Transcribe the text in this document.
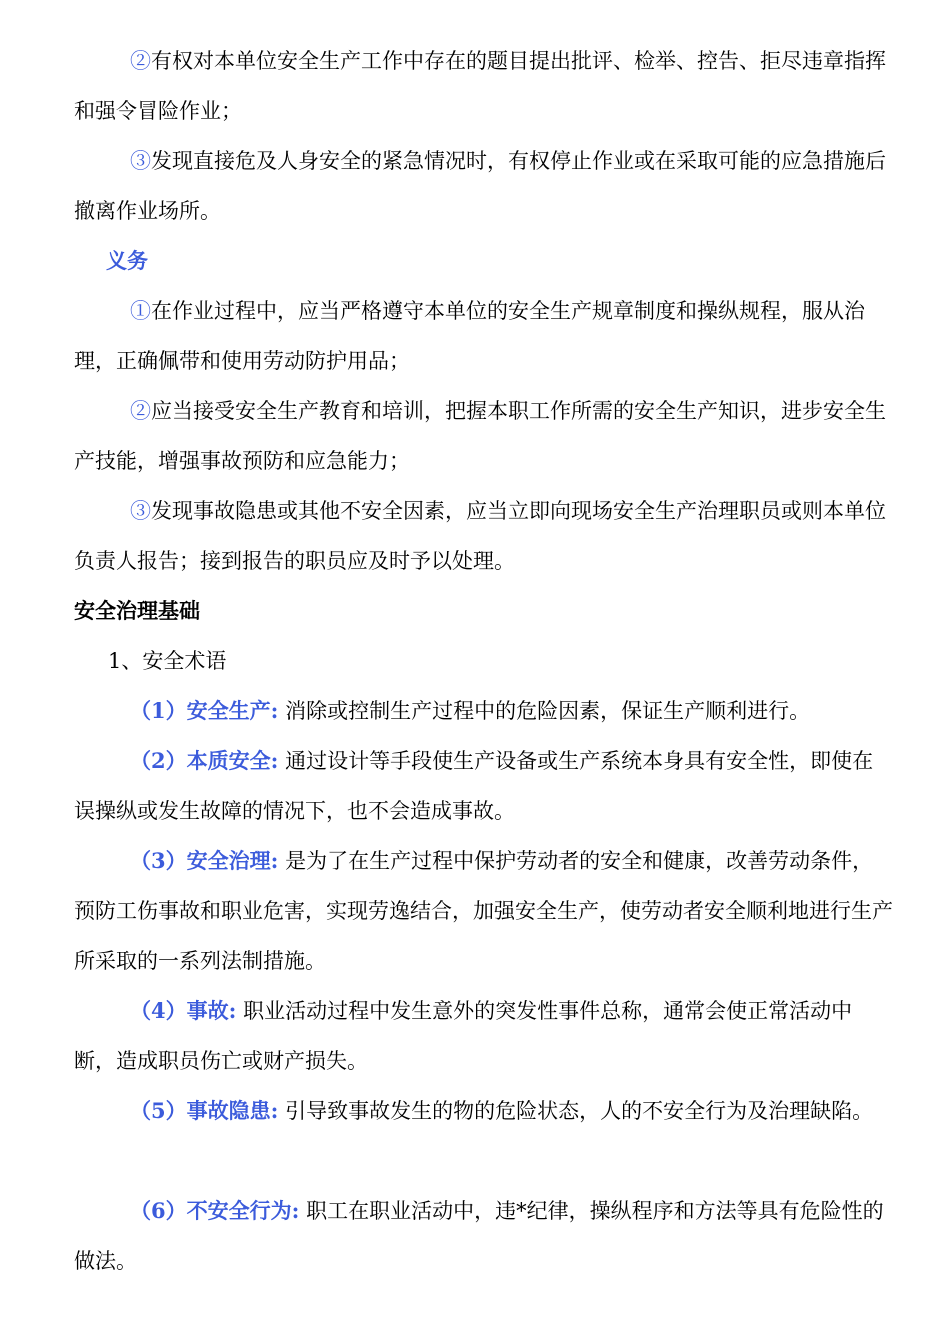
②有权对本单位安全生产工作中存在的题目提出批评、检举、控告、拒尽违章指挥和强令冒险作业；

③发现直接危及人身安全的紧急情况时，有权停止作业或在采取可能的应急措施后撤离作业场所。

义务

①在作业过程中，应当严格遵守本单位的安全生产规章制度和操纵规程，服从治理，正确佩带和使用劳动防护用品；

②应当接受安全生产教育和培训，把握本职工作所需的安全生产知识，进步安全生产技能，增强事故预防和应急能力；

③发现事故隐患或其他不安全因素，应当立即向现场安全生产治理职员或则本单位负责人报告；接到报告的职员应及时予以处理。

安全治理基础

1、安全术语

（1）安全生产: 消除或控制生产过程中的危险因素，保证生产顺利进行。

（2）本质安全: 通过设计等手段使生产设备或生产系统本身具有安全性，即使在误操纵或发生故障的情况下，也不会造成事故。

（3）安全治理: 是为了在生产过程中保护劳动者的安全和健康，改善劳动条件，预防工伤事故和职业危害，实现劳逸结合，加强安全生产，使劳动者安全顺利地进行生产所采取的一系列法制措施。

（4）事故: 职业活动过程中发生意外的突发性事件总称，通常会使正常活动中断，造成职员伤亡或财产损失。

（5）事故隐患: 引导致事故发生的物的危险状态，人的不安全行为及治理缺陷。

（6）不安全行为: 职工在职业活动中，违*纪律，操纵程序和方法等具有危险性的做法。
